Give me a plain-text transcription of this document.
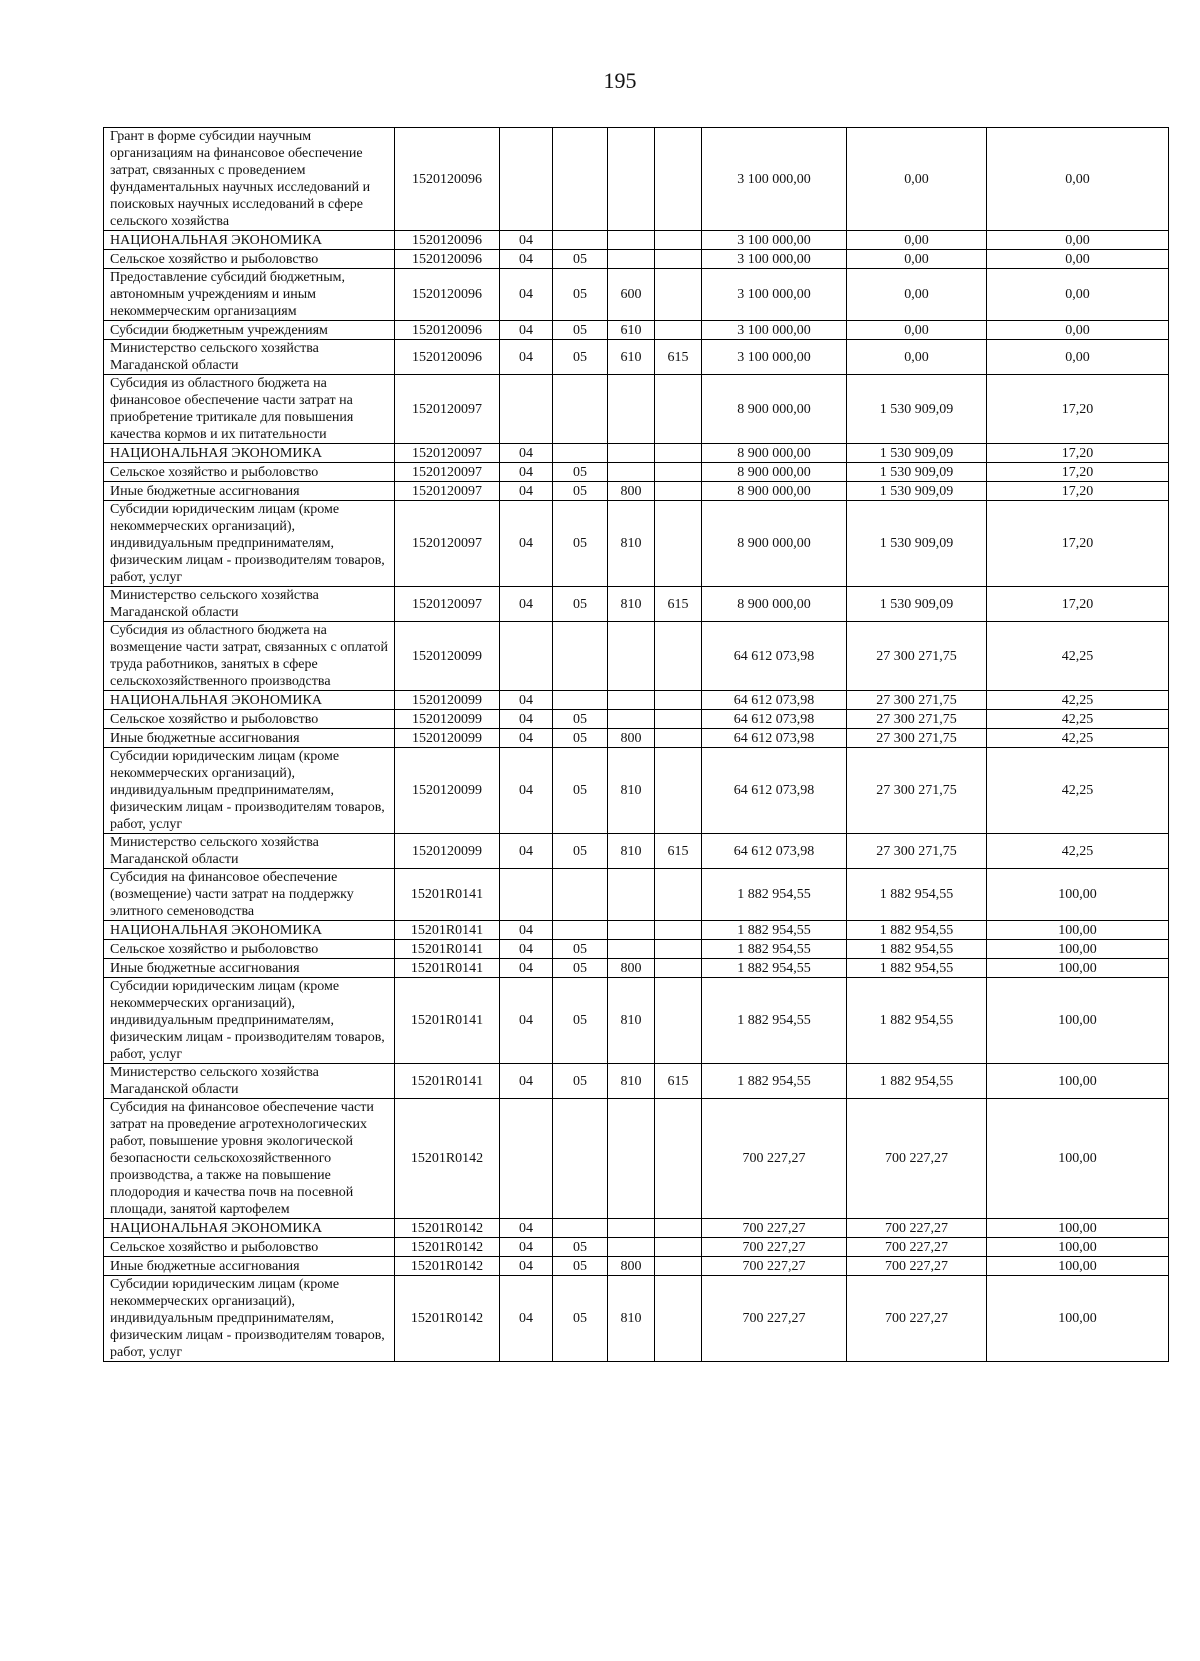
195
Грант в форме субсидии научным организациям на финансовое обеспечение затрат, связанных с проведением фундаментальных научных исследований и поисковых научных исследований в сфере сельского хозяйства	1520120096					3 100 000,00	0,00	0,00
НАЦИОНАЛЬНАЯ ЭКОНОМИКА	1520120096	04				3 100 000,00	0,00	0,00
Сельское хозяйство и рыболовство	1520120096	04	05			3 100 000,00	0,00	0,00
Предоставление субсидий бюджетным, автономным учреждениям и иным некоммерческим организациям	1520120096	04	05	600		3 100 000,00	0,00	0,00
Субсидии бюджетным учреждениям	1520120096	04	05	610		3 100 000,00	0,00	0,00
Министерство сельского хозяйства Магаданской области	1520120096	04	05	610	615	3 100 000,00	0,00	0,00
Субсидия из областного бюджета на финансовое обеспечение части затрат на приобретение тритикале для повышения качества кормов и их питательности	1520120097					8 900 000,00	1 530 909,09	17,20
НАЦИОНАЛЬНАЯ ЭКОНОМИКА	1520120097	04				8 900 000,00	1 530 909,09	17,20
Сельское хозяйство и рыболовство	1520120097	04	05			8 900 000,00	1 530 909,09	17,20
Иные бюджетные ассигнования	1520120097	04	05	800		8 900 000,00	1 530 909,09	17,20
Субсидии юридическим лицам (кроме некоммерческих организаций), индивидуальным предпринимателям, физическим лицам - производителям товаров, работ, услуг	1520120097	04	05	810		8 900 000,00	1 530 909,09	17,20
Министерство сельского хозяйства Магаданской области	1520120097	04	05	810	615	8 900 000,00	1 530 909,09	17,20
Субсидия из областного бюджета на возмещение части затрат, связанных с оплатой труда работников, занятых в сфере сельскохозяйственного производства	1520120099					64 612 073,98	27 300 271,75	42,25
НАЦИОНАЛЬНАЯ ЭКОНОМИКА	1520120099	04				64 612 073,98	27 300 271,75	42,25
Сельское хозяйство и рыболовство	1520120099	04	05			64 612 073,98	27 300 271,75	42,25
Иные бюджетные ассигнования	1520120099	04	05	800		64 612 073,98	27 300 271,75	42,25
Субсидии юридическим лицам (кроме некоммерческих организаций), индивидуальным предпринимателям, физическим лицам - производителям товаров, работ, услуг	1520120099	04	05	810		64 612 073,98	27 300 271,75	42,25
Министерство сельского хозяйства Магаданской области	1520120099	04	05	810	615	64 612 073,98	27 300 271,75	42,25
Субсидия на финансовое обеспечение (возмещение) части затрат на поддержку элитного семеноводства	15201R0141					1 882 954,55	1 882 954,55	100,00
НАЦИОНАЛЬНАЯ ЭКОНОМИКА	15201R0141	04				1 882 954,55	1 882 954,55	100,00
Сельское хозяйство и рыболовство	15201R0141	04	05			1 882 954,55	1 882 954,55	100,00
Иные бюджетные ассигнования	15201R0141	04	05	800		1 882 954,55	1 882 954,55	100,00
Субсидии юридическим лицам (кроме некоммерческих организаций), индивидуальным предпринимателям, физическим лицам - производителям товаров, работ, услуг	15201R0141	04	05	810		1 882 954,55	1 882 954,55	100,00
Министерство сельского хозяйства Магаданской области	15201R0141	04	05	810	615	1 882 954,55	1 882 954,55	100,00
Субсидия на финансовое обеспечение части затрат на проведение агротехнологических работ, повышение уровня экологической безопасности сельскохозяйственного производства, а также на повышение плодородия и качества почв на посевной площади, занятой картофелем	15201R0142					700 227,27	700 227,27	100,00
НАЦИОНАЛЬНАЯ ЭКОНОМИКА	15201R0142	04				700 227,27	700 227,27	100,00
Сельское хозяйство и рыболовство	15201R0142	04	05			700 227,27	700 227,27	100,00
Иные бюджетные ассигнования	15201R0142	04	05	800		700 227,27	700 227,27	100,00
Субсидии юридическим лицам (кроме некоммерческих организаций), индивидуальным предпринимателям, физическим лицам - производителям товаров, работ, услуг	15201R0142	04	05	810		700 227,27	700 227,27	100,00
